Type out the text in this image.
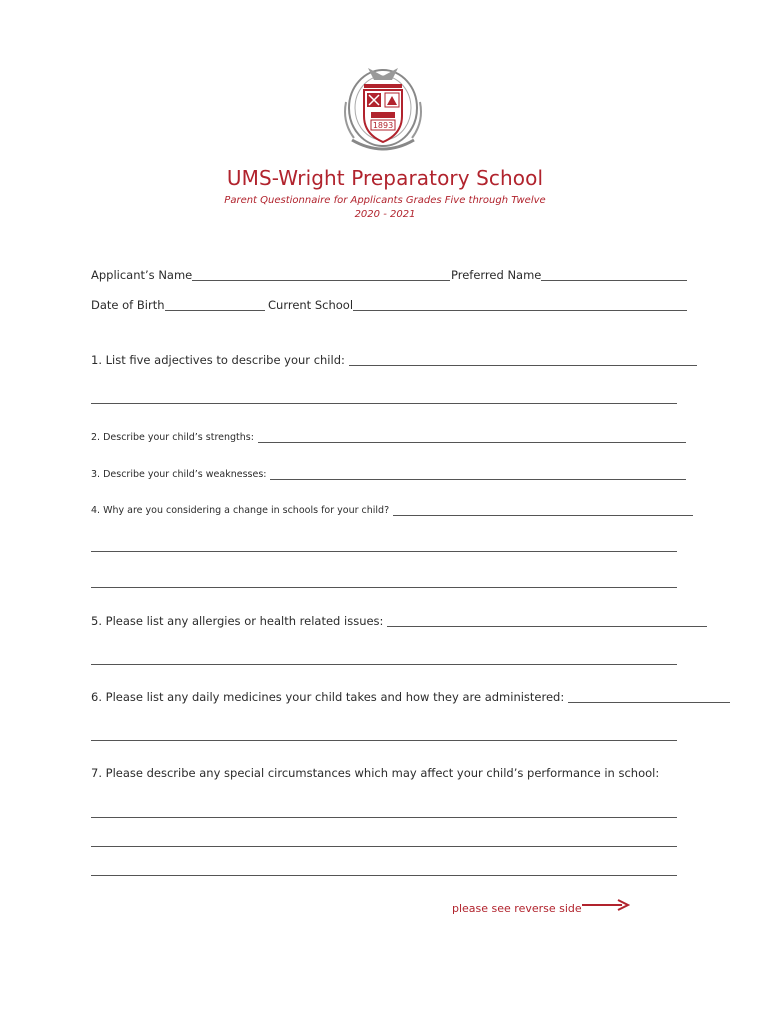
1893
UMS-Wright Preparatory School
Parent Questionnaire for Applicants Grades Five through Twelve
2020 - 2021
Applicant’s Name	Preferred Name
Date of Birth	Current School
1. List five adjectives to describe your child:
2. Describe your child’s strengths:
3. Describe your child’s weaknesses:
4. Why are you considering a change in schools for your child?
5. Please list any allergies or health related issues:
6. Please list any daily medicines your child takes and how they are administered:
7. Please describe any special circumstances which may affect your child’s performance in school:
please see reverse side
